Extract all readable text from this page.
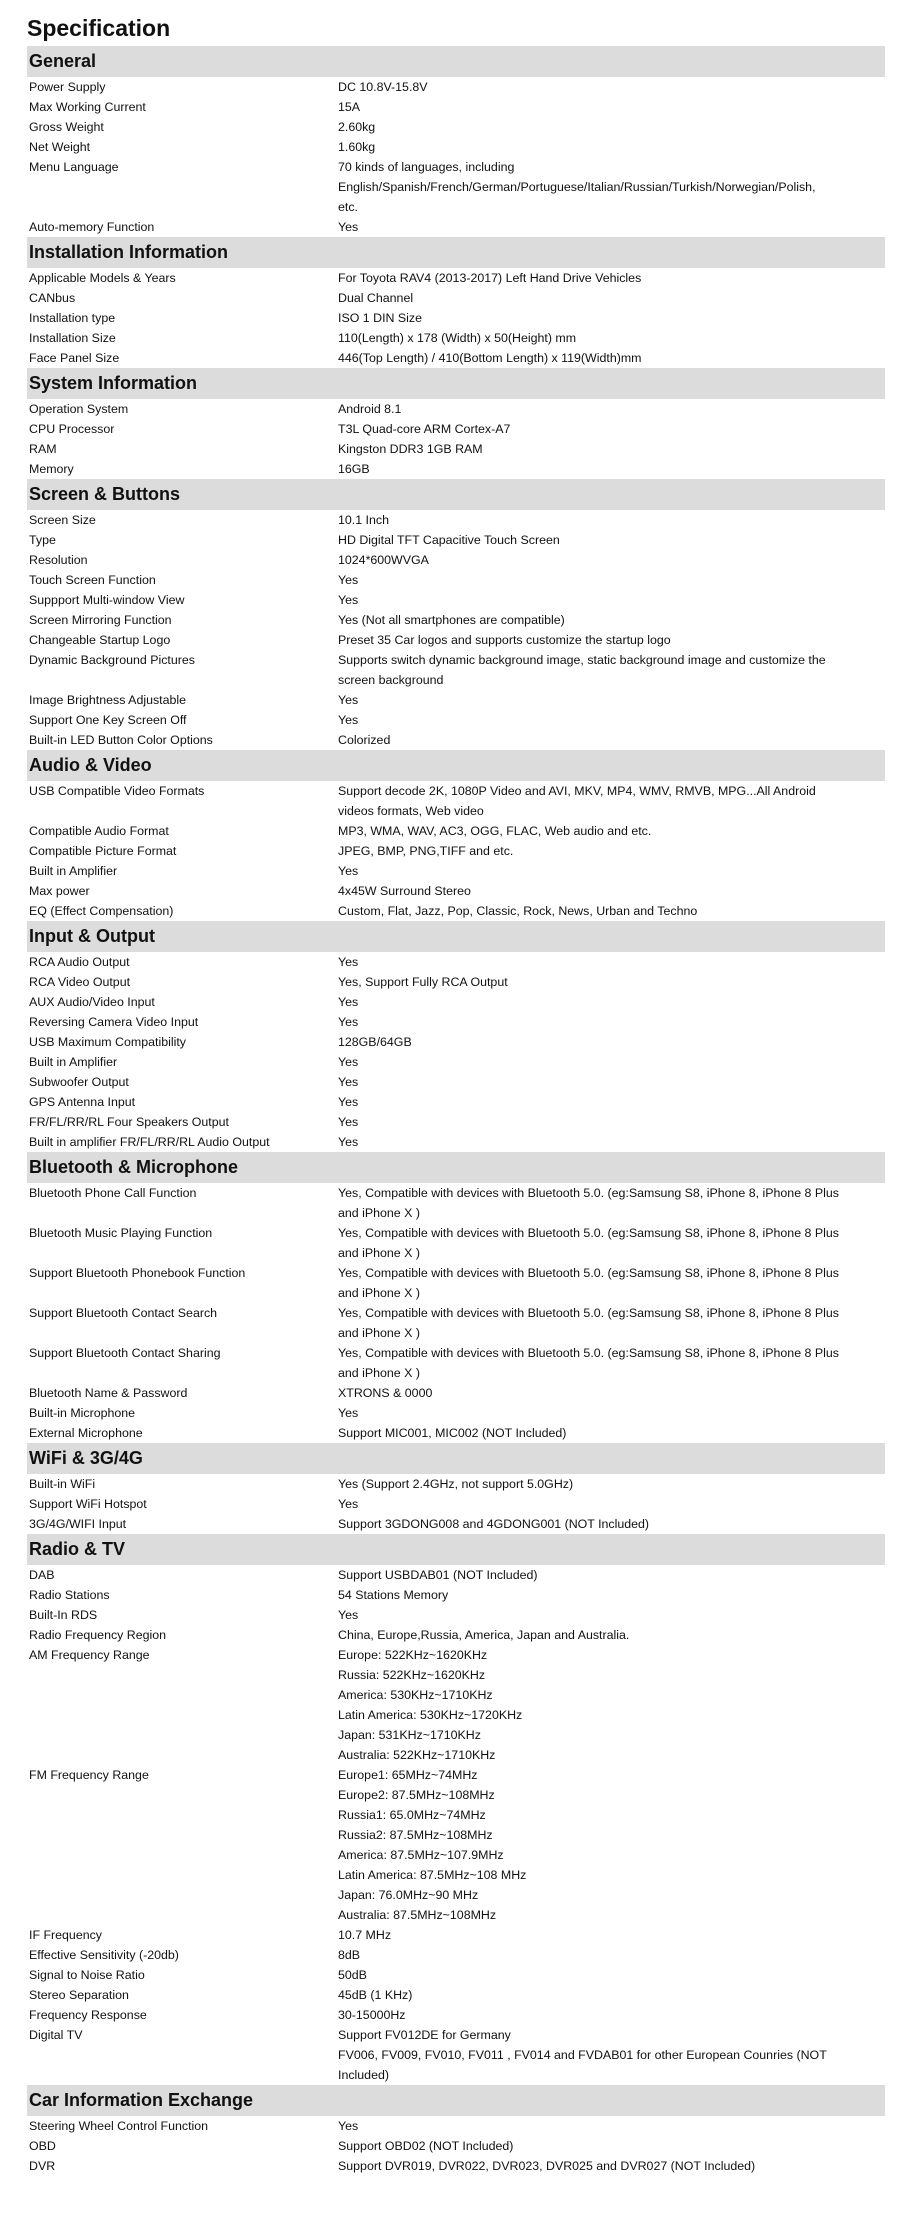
Specification
General
Power Supply	DC 10.8V-15.8V
Max Working Current	15A
Gross Weight	2.60kg
Net Weight	1.60kg
Menu Language	70 kinds of languages, including
English/Spanish/French/German/Portuguese/Italian/Russian/Turkish/Norwegian/Polish,
etc.
Auto-memory Function	Yes
Installation Information
Applicable Models & Years	For Toyota RAV4 (2013-2017) Left Hand Drive Vehicles
CANbus	Dual Channel
Installation type	ISO 1 DIN Size
Installation Size	110(Length) x 178 (Width) x 50(Height) mm
Face Panel Size	446(Top Length) / 410(Bottom Length) x 119(Width)mm
System Information
Operation System	Android 8.1
CPU Processor	T3L Quad-core ARM Cortex-A7
RAM	Kingston DDR3 1GB RAM
Memory	16GB
Screen & Buttons
Screen Size	10.1 Inch
Type	HD Digital TFT Capacitive Touch Screen
Resolution	1024*600WVGA
Touch Screen Function	Yes
Suppport Multi-window View	Yes
Screen Mirroring Function	Yes (Not all smartphones are compatible)
Changeable Startup Logo	Preset 35 Car logos and supports customize the startup logo
Dynamic Background Pictures	Supports switch dynamic background image, static background image and customize the
screen background
Image Brightness Adjustable	Yes
Support One Key Screen Off	Yes
Built-in LED Button Color Options	Colorized
Audio & Video
USB Compatible Video Formats	Support decode 2K, 1080P Video and AVI, MKV, MP4, WMV, RMVB, MPG...All Android
videos formats, Web video
Compatible Audio Format	MP3, WMA, WAV, AC3, OGG, FLAC, Web audio and etc.
Compatible Picture Format	JPEG, BMP, PNG,TIFF and etc.
Built in Amplifier	Yes
Max power	4x45W Surround Stereo
EQ (Effect Compensation)	Custom, Flat, Jazz, Pop, Classic, Rock, News, Urban and Techno
Input & Output
RCA Audio Output	Yes
RCA Video Output	Yes, Support Fully RCA Output
AUX Audio/Video Input	Yes
Reversing Camera Video Input	Yes
USB Maximum Compatibility	128GB/64GB
Built in Amplifier	Yes
Subwoofer Output	Yes
GPS Antenna Input	Yes
FR/FL/RR/RL Four Speakers Output	Yes
Built in amplifier FR/FL/RR/RL Audio Output	Yes
Bluetooth & Microphone
Bluetooth Phone Call Function	Yes, Compatible with devices with Bluetooth 5.0. (eg:Samsung S8, iPhone 8, iPhone 8 Plus
and iPhone X )
Bluetooth Music Playing Function	Yes, Compatible with devices with Bluetooth 5.0. (eg:Samsung S8, iPhone 8, iPhone 8 Plus
and iPhone X )
Support Bluetooth Phonebook Function	Yes, Compatible with devices with Bluetooth 5.0. (eg:Samsung S8, iPhone 8, iPhone 8 Plus
and iPhone X )
Support Bluetooth Contact Search	Yes, Compatible with devices with Bluetooth 5.0. (eg:Samsung S8, iPhone 8, iPhone 8 Plus
and iPhone X )
Support Bluetooth Contact Sharing	Yes, Compatible with devices with Bluetooth 5.0. (eg:Samsung S8, iPhone 8, iPhone 8 Plus
and iPhone X )
Bluetooth Name & Password	XTRONS & 0000
Built-in Microphone	Yes
External Microphone	Support MIC001, MIC002 (NOT Included)
WiFi & 3G/4G
Built-in WiFi	Yes (Support 2.4GHz, not support 5.0GHz)
Support WiFi Hotspot	Yes
3G/4G/WIFI Input	Support 3GDONG008 and 4GDONG001 (NOT Included)
Radio & TV
DAB	Support USBDAB01 (NOT Included)
Radio Stations	54 Stations Memory
Built-In RDS	Yes
Radio Frequency Region	China, Europe,Russia, America, Japan and Australia.
AM Frequency Range	Europe: 522KHz~1620KHz
Russia: 522KHz~1620KHz
America: 530KHz~1710KHz
Latin America: 530KHz~1720KHz
Japan: 531KHz~1710KHz
Australia: 522KHz~1710KHz
FM Frequency Range	Europe1: 65MHz~74MHz
Europe2: 87.5MHz~108MHz
Russia1: 65.0MHz~74MHz
Russia2: 87.5MHz~108MHz
America: 87.5MHz~107.9MHz
Latin America: 87.5MHz~108 MHz
Japan: 76.0MHz~90 MHz
Australia: 87.5MHz~108MHz
IF Frequency	10.7 MHz
Effective Sensitivity (-20db)	8dB
Signal to Noise Ratio	50dB
Stereo Separation	45dB (1 KHz)
Frequency Response	30-15000Hz
Digital TV	Support FV012DE for Germany
FV006, FV009, FV010, FV011 , FV014 and FVDAB01 for other European Counries (NOT
Included)
Car Information Exchange
Steering Wheel Control Function	Yes
OBD	Support OBD02 (NOT Included)
DVR	Support DVR019, DVR022, DVR023, DVR025 and DVR027 (NOT Included)
